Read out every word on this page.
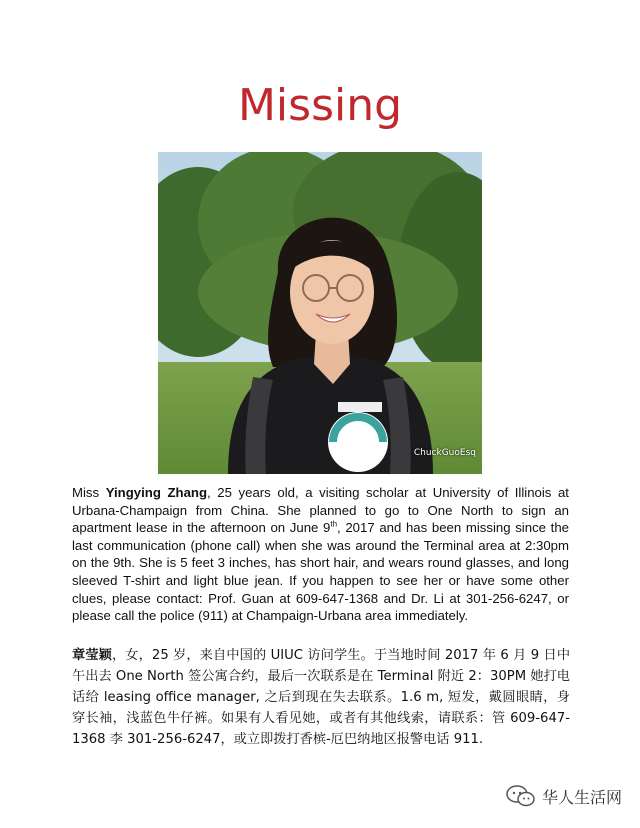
Missing
ChuckGuoEsq
Miss Yingying Zhang, 25 years old, a visiting scholar at University of Illinois at Urbana-Champaign from China. She planned to go to One North to sign an apartment lease in the afternoon on June 9th, 2017 and has been missing since the last communication (phone call) when she was around the Terminal area at 2:30pm on the 9th. She is 5 feet 3 inches, has short hair, and wears round glasses, and long sleeved T-shirt and light blue jean. If you happen to see her or have some other clues, please contact: Prof. Guan at 609-647-1368 and Dr. Li at 301-256-6247, or please call the police (911) at Champaign-Urbana area immediately.
章莹颖，女，25 岁，来自中国的 UIUC 访问学生。于当地时间 2017 年 6 月 9 日中午出去 One North 签公寓合约，最后一次联系是在 Terminal 附近 2：30PM 她打电话给 leasing office manager, 之后到现在失去联系。1.6 m, 短发，戴圆眼睛，身穿长袖，浅蓝色牛仔裤。如果有人看见她，或者有其他线索，请联系：管 609-647-1368 李 301-256-6247，或立即拨打香槟-厄巴纳地区报警电话 911.
华人生活网
